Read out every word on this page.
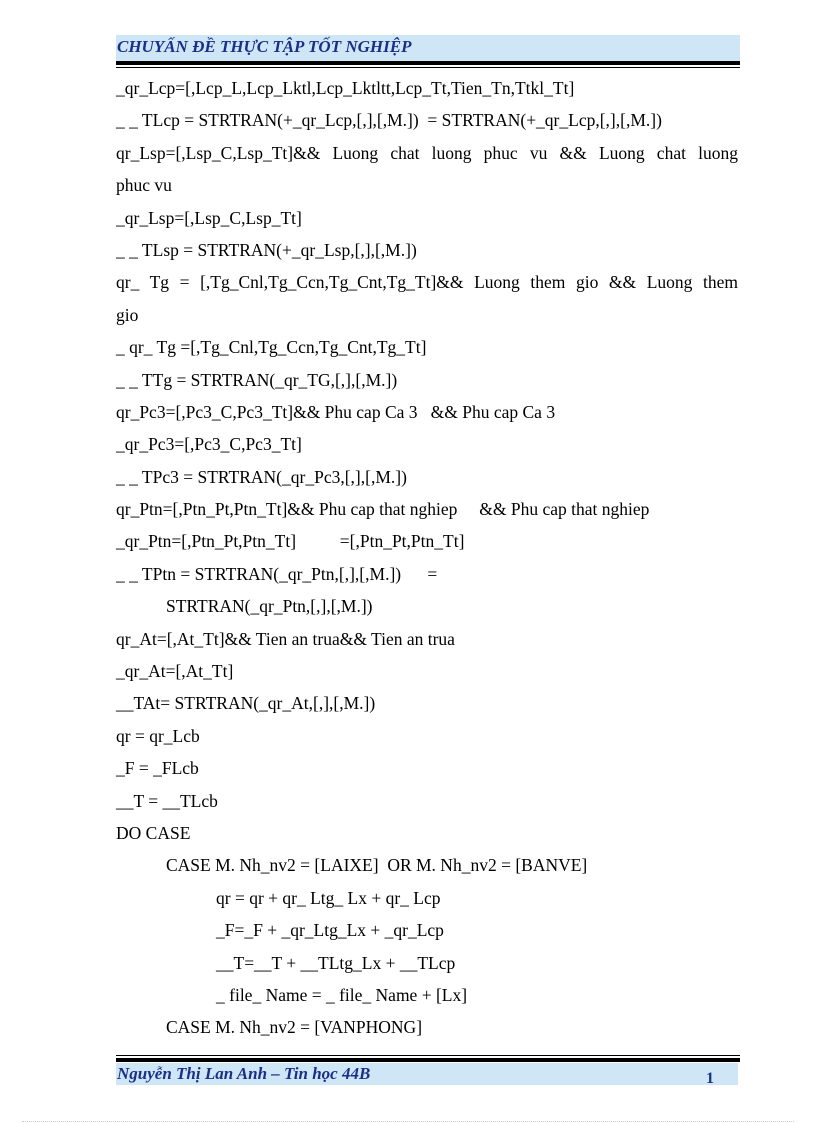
CHUYẤN ĐỀ THỰC TẬP TỐT NGHIỆP
_qr_Lcp=[,Lcp_L,Lcp_Lktl,Lcp_Lktltt,Lcp_Tt,Tien_Tn,Ttkl_Tt]
_ _ TLcp = STRTRAN(+_qr_Lcp,[,],[,M.])  = STRTRAN(+_qr_Lcp,[,],[,M.])
qr_Lsp=[,Lsp_C,Lsp_Tt]&& Luong chat luong phuc vu && Luong chat luong
phuc vu
_qr_Lsp=[,Lsp_C,Lsp_Tt]
_ _ TLsp = STRTRAN(+_qr_Lsp,[,],[,M.])
qr_ Tg = [,Tg_Cnl,Tg_Ccn,Tg_Cnt,Tg_Tt]&& Luong them gio && Luong them
gio
_ qr_ Tg =[,Tg_Cnl,Tg_Ccn,Tg_Cnt,Tg_Tt]
_ _ TTg = STRTRAN(_qr_TG,[,],[,M.])
qr_Pc3=[,Pc3_C,Pc3_Tt]&& Phu cap Ca 3   && Phu cap Ca 3
_qr_Pc3=[,Pc3_C,Pc3_Tt]
_ _ TPc3 = STRTRAN(_qr_Pc3,[,],[,M.])
qr_Ptn=[,Ptn_Pt,Ptn_Tt]&& Phu cap that nghiep     && Phu cap that nghiep
_qr_Ptn=[,Ptn_Pt,Ptn_Tt]          =[,Ptn_Pt,Ptn_Tt]
_ _ TPtn = STRTRAN(_qr_Ptn,[,],[,M.])      =
STRTRAN(_qr_Ptn,[,],[,M.])
qr_At=[,At_Tt]&& Tien an trua&& Tien an trua
_qr_At=[,At_Tt]
__TAt= STRTRAN(_qr_At,[,],[,M.])
qr = qr_Lcb
_F = _FLcb
__T = __TLcb
DO CASE
CASE M. Nh_nv2 = [LAIXE]  OR M. Nh_nv2 = [BANVE]
qr = qr + qr_ Ltg_ Lx + qr_ Lcp
_F=_F + _qr_Ltg_Lx + _qr_Lcp
__T=__T + __TLtg_Lx + __TLcp
_ file_ Name = _ file_ Name + [Lx]
CASE M. Nh_nv2 = [VANPHONG]
Nguyễn Thị Lan Anh – Tin học 44B	1
